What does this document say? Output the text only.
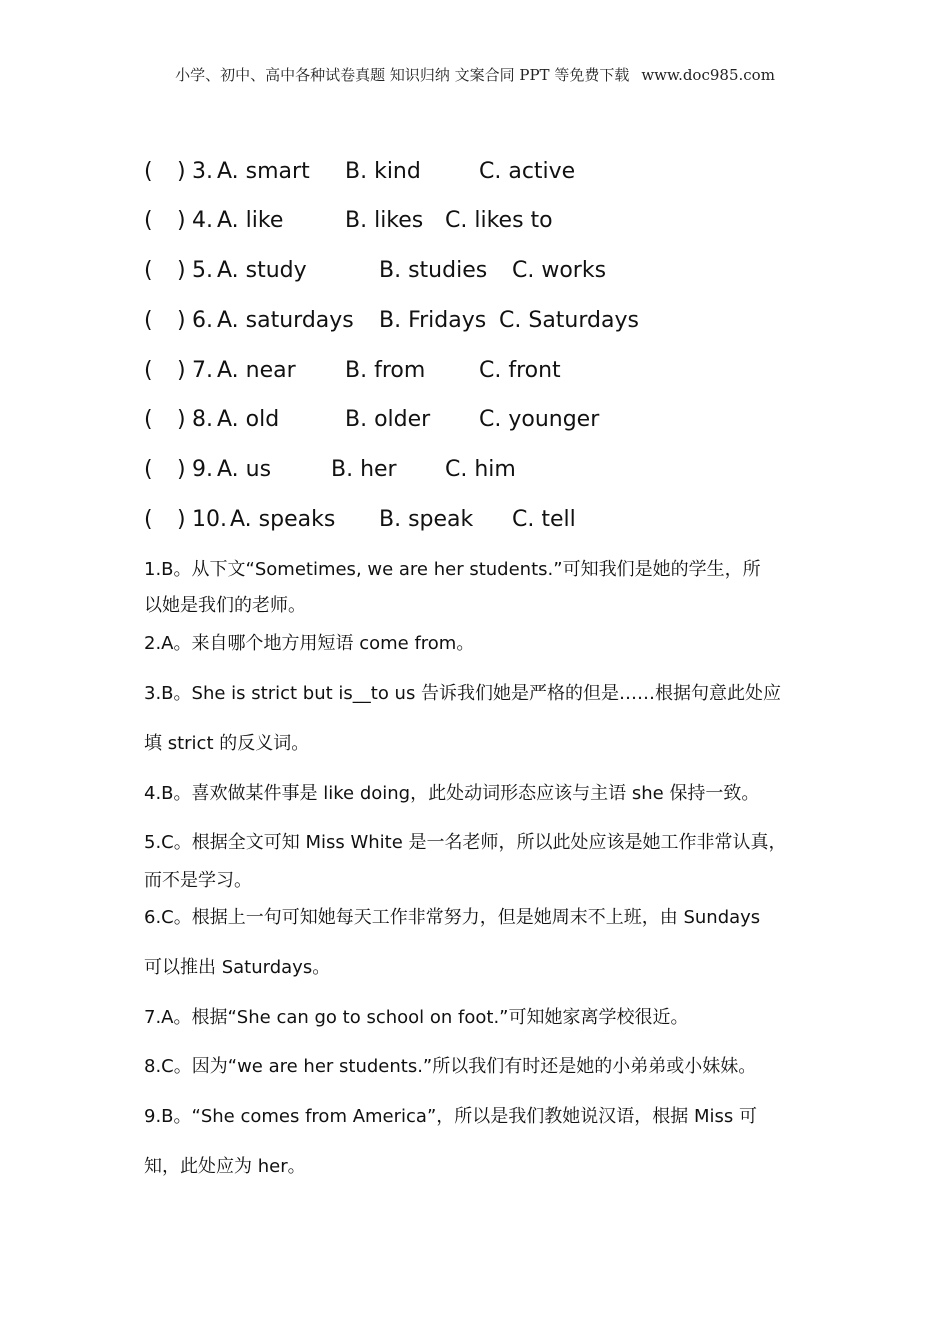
小学、初中、高中各种试卷真题 知识归纳 文案合同 PPT 等免费下载 www.doc985.com
( ) 3. A. smart B. kind	C. active
( ) 4. A. like	B. likes C. likes to
( ) 5. A. study	B. studies C. works
( ) 6. A. saturdays B. Fridays C. Saturdays
( ) 7. A. near B. from C. front
( ) 8. A. old	B. older C. younger
( ) 9. A. us	B. her C. him
( ) 10. A. speaks B. speak C. tell
1.B。从下文“Sometimes, we are her students.”可知我们是她的学生，所
以她是我们的老师。
2.A。来自哪个地方用短语 come from。
3.B。She is strict but is__to us 告诉我们她是严格的但是……根据句意此处应
填 strict 的反义词。
4.B。喜欢做某件事是 like doing，此处动词形态应该与主语 she 保持一致。
5.C。根据全文可知 Miss White 是一名老师，所以此处应该是她工作非常认真，
而不是学习。
6.C。根据上一句可知她每天工作非常努力，但是她周末不上班，由 Sundays
可以推出 Saturdays。
7.A。根据“She can go to school on foot.”可知她家离学校很近。
8.C。因为“we are her students.”所以我们有时还是她的小弟弟或小妹妹。
9.B。“She comes from America”，所以是我们教她说汉语，根据 Miss 可
知，此处应为 her。
